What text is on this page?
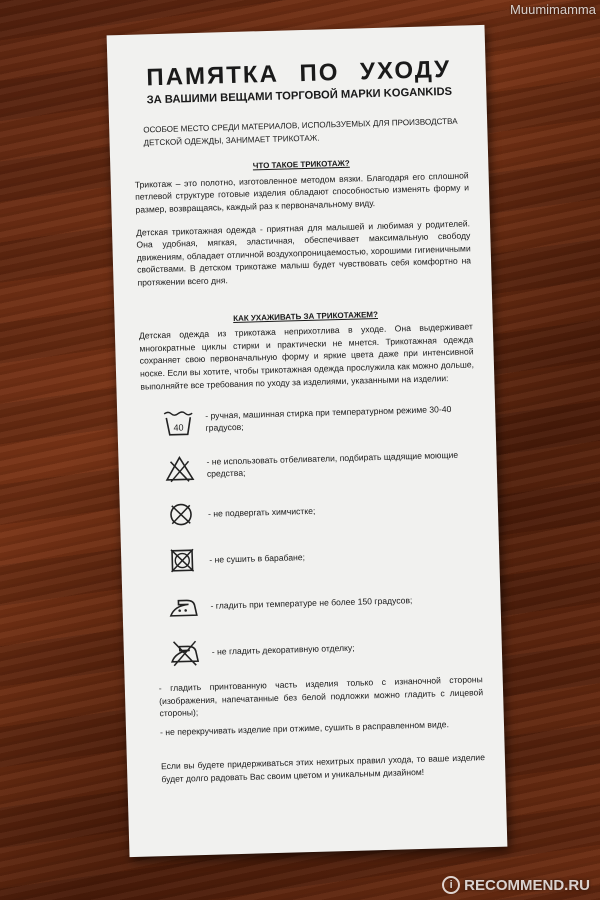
Muumimamma
ПАМЯТКА ПО УХОДУ
ЗА ВАШИМИ ВЕЩАМИ ТОРГОВОЙ МАРКИ KOGANKIDS

ОСОБОЕ МЕСТО СРЕДИ МАТЕРИАЛОВ, ИСПОЛЬЗУЕМЫХ ДЛЯ ПРОИЗВОДСТВА ДЕТСКОЙ ОДЕЖДЫ, ЗАНИМАЕТ ТРИКОТАЖ.

ЧТО ТАКОЕ ТРИКОТАЖ?

Трикотаж – это полотно, изготовленное методом вязки. Благодаря его сплошной петлевой структуре готовые изделия обладают способностью изменять форму и размер, возвращаясь, каждый раз к первоначальному виду.

Детская трикотажная одежда - приятная для малышей и любимая у родителей. Она удобная, мягкая, эластичная, обеспечивает максимальную свободу движениям, обладает отличной воздухопроницаемостью, хорошими гигиеничными свойствами. В детском трикотаже малыш будет чувствовать себя комфортно на протяжении всего дня.

КАК УХАЖИВАТЬ ЗА ТРИКОТАЖЕМ?

Детская одежда из трикотажа неприхотлива в уходе. Она выдерживает многократные циклы стирки и практически не мнется. Трикотажная одежда сохраняет свою первоначальную форму и яркие цвета даже при интенсивной носке. Если вы хотите, чтобы трикотажная одежда прослужила как можно дольше, выполняйте все требования по уходу за изделиями, указанными на изделии:

40
- ручная, машинная стирка при температурном режиме 30-40 градусов;
- не использовать отбеливатели, подбирать щадящие моющие средства;
- не подвергать химчистке;
- не сушить в барабане;
- гладить при температуре не более 150 градусов;
- не гладить декоративную отделку;

- гладить принтованную часть изделия только с изнаночной стороны (изображения, напечатанные без белой подложки можно гладить с лицевой стороны);

- не перекручивать изделие при отжиме, сушить в расправленном виде.

Если вы будете придерживаться этих нехитрых правил ухода, то ваше изделие будет долго радовать Вас своим цветом и уникальным дизайном!

i RECOMMEND.RU
